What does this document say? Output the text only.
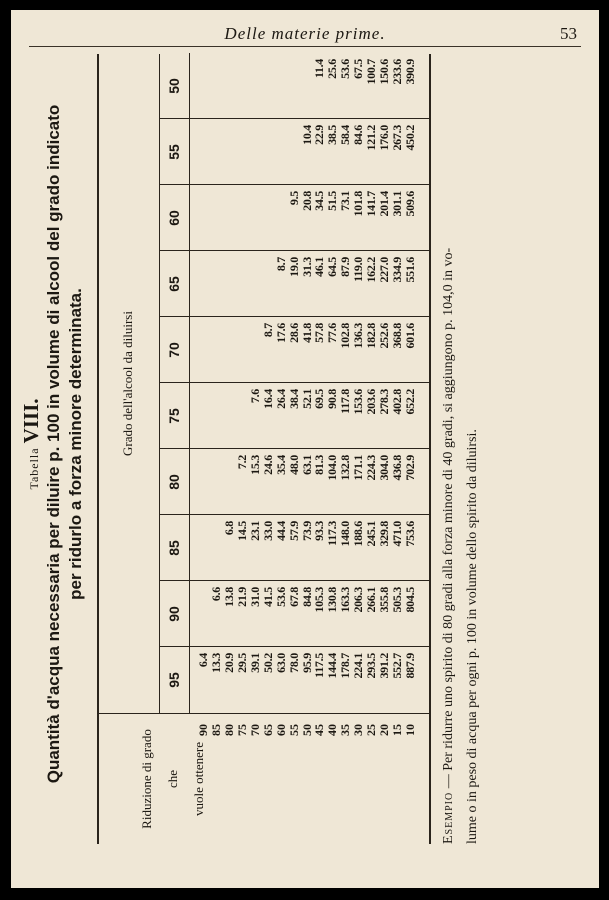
Delle materie prime.	53
Tabella VIII. Quantità d'acqua necessaria per diluire p. 100 in volume di alcool del grado indicato per ridurlo a forza minore determinata.
Riduzione di grado che vuole ottenere
Grado dell'alcool da diluirsi
95
90
85
80
75
70
65
60
55
50
6.4
13.3
20.9
29.5
39.1
50.2
63.0
78.0
95.9
117.5
144.4
178.7
224.1
293.5
391.2
552.7
887.9
6.6
13.8
21.9
31.0
41.5
53.6
67.8
84.8
105.3
130.8
163.3
206.3
266.1
355.8
505.3
804.5
6.8
14.5
23.1
33.0
44.4
57.9
73.9
93.3
117.3
148.0
188.6
245.1
329.8
471.0
753.6
7.2
15.3
24.6
35.4
48.0
63.1
81.3
104.0
132.8
171.1
224.3
304.0
436.8
702.9
7.6
16.4
26.4
38.4
52.1
69.5
90.8
117.8
153.6
203.6
278.3
402.8
652.2
8.7
17.6
28.6
41.8
57.8
77.6
102.8
136.3
182.8
252.6
368.8
601.6
8.7
19.0
31.3
46.1
64.5
87.9
119.0
162.2
227.0
334.9
551.6
9.5
20.8
34.5
51.5
73.1
101.8
141.7
201.4
301.1
509.6
10.4
22.9
38.5
58.4
84.6
121.2
176.0
267.3
450.2
11.4
25.6
53.6
67.5
100.7
150.6
233.6
390.9
90
85
80
75
70
65
60
55
50
45
40
35
30
25
20
15
10
Esempio — Per ridurre uno spirito di 80 gradi alla forza minore di 40 gradi, si aggiungono p. 104,0 in vo- lume o in peso di acqua per ogni p. 100 in volume dello spirito da diluirsi.
